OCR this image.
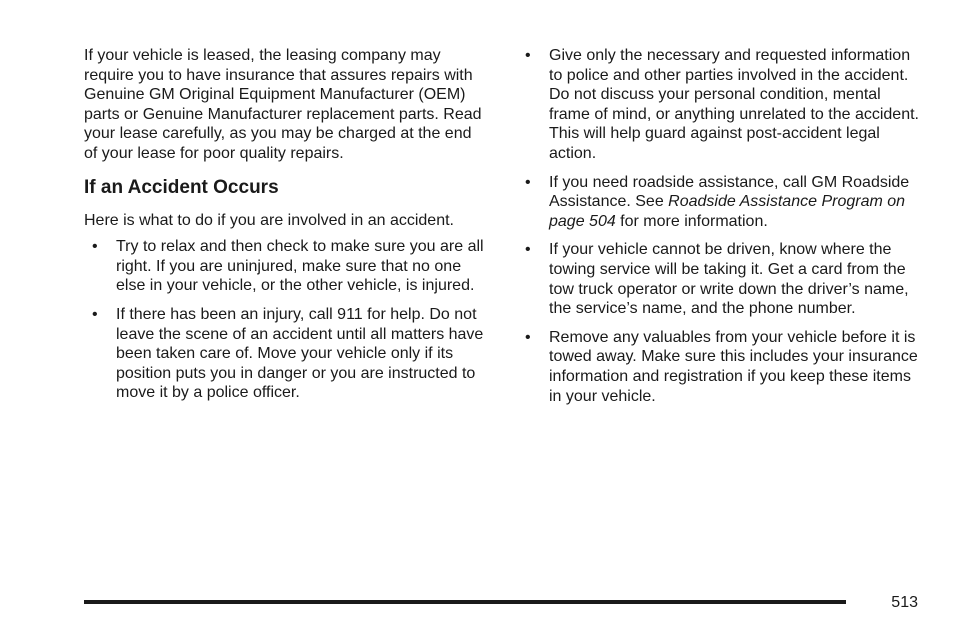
If your vehicle is leased, the leasing company may require you to have insurance that assures repairs with Genuine GM Original Equipment Manufacturer (OEM) parts or Genuine Manufacturer replacement parts. Read your lease carefully, as you may be charged at the end of your lease for poor quality repairs.

If an Accident Occurs

Here is what to do if you are involved in an accident.

• Try to relax and then check to make sure you are all right. If you are uninjured, make sure that no one else in your vehicle, or the other vehicle, is injured.
• If there has been an injury, call 911 for help. Do not leave the scene of an accident until all matters have been taken care of. Move your vehicle only if its position puts you in danger or you are instructed to move it by a police officer.
• Give only the necessary and requested information to police and other parties involved in the accident. Do not discuss your personal condition, mental frame of mind, or anything unrelated to the accident. This will help guard against post-accident legal action.
• If you need roadside assistance, call GM Roadside Assistance. See Roadside Assistance Program on page 504 for more information.
• If your vehicle cannot be driven, know where the towing service will be taking it. Get a card from the tow truck operator or write down the driver’s name, the service’s name, and the phone number.
• Remove any valuables from your vehicle before it is towed away. Make sure this includes your insurance information and registration if you keep these items in your vehicle.
513
